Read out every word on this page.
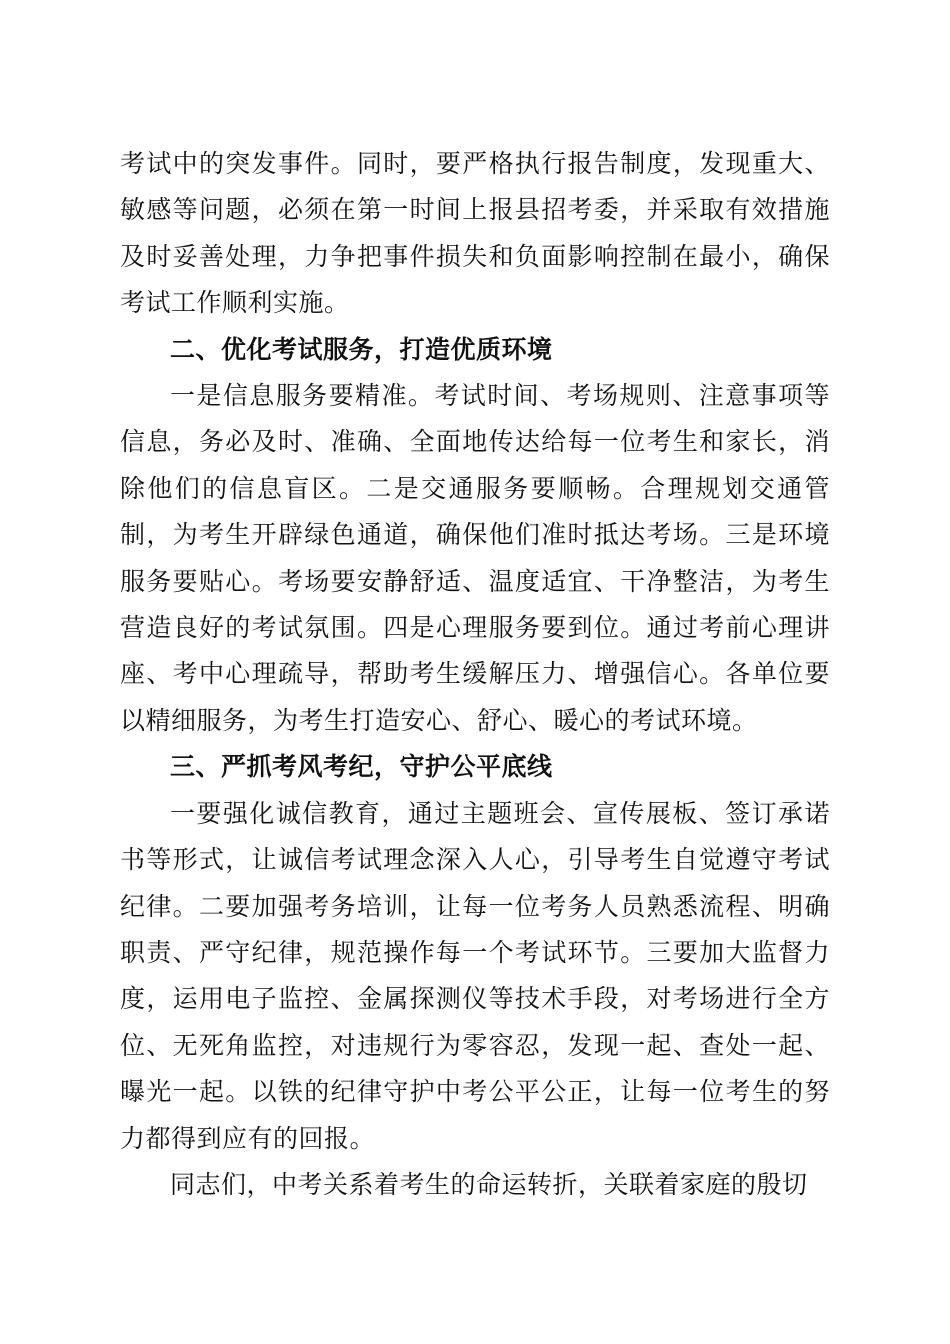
考试中的突发事件。同时，要严格执行报告制度，发现重大、敏感等问题，必须在第一时间上报县招考委，并采取有效措施及时妥善处理，力争把事件损失和负面影响控制在最小，确保考试工作顺利实施。

二、优化考试服务，打造优质环境

一是信息服务要精准。考试时间、考场规则、注意事项等信息，务必及时、准确、全面地传达给每一位考生和家长，消除他们的信息盲区。二是交通服务要顺畅。合理规划交通管制，为考生开辟绿色通道，确保他们准时抵达考场。三是环境服务要贴心。考场要安静舒适、温度适宜、干净整洁，为考生营造良好的考试氛围。四是心理服务要到位。通过考前心理讲座、考中心理疏导，帮助考生缓解压力、增强信心。各单位要以精细服务，为考生打造安心、舒心、暖心的考试环境。

三、严抓考风考纪，守护公平底线

一要强化诚信教育，通过主题班会、宣传展板、签订承诺书等形式，让诚信考试理念深入人心，引导考生自觉遵守考试纪律。二要加强考务培训，让每一位考务人员熟悉流程、明确职责、严守纪律，规范操作每一个考试环节。三要加大监督力度，运用电子监控、金属探测仪等技术手段，对考场进行全方位、无死角监控，对违规行为零容忍，发现一起、查处一起、曝光一起。以铁的纪律守护中考公平公正，让每一位考生的努力都得到应有的回报。

同志们，中考关系着考生的命运转折，关联着家庭的殷切
